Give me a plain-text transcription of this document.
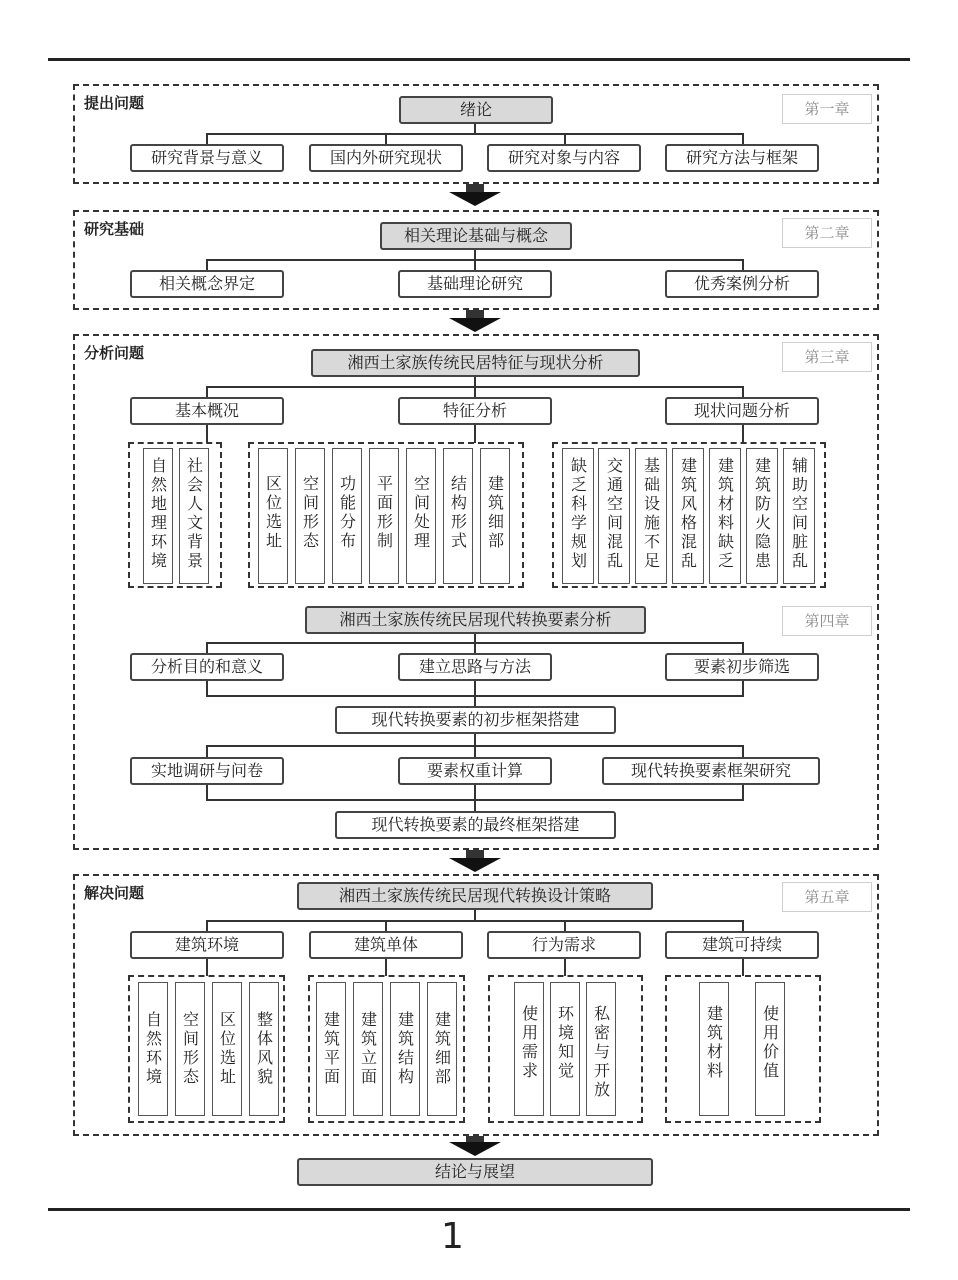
提出问题	第一章
绪论
研究背景与意义	国内外研究现状	研究对象与内容	研究方法与框架
研究基础	第二章
相关理论基础与概念
相关概念界定	基础理论研究	优秀案例分析
分析问题	第三章
湘西土家族传统民居特征与现状分析
基本概况	特征分析	现状问题分析
自然地理环境	社会人文背景	区位选址	空间形态	功能分布	平面形制	空间处理	结构形式	建筑细部	缺乏科学规划	交通空间混乱	基础设施不足	建筑风格混乱	建筑材料缺乏	建筑防火隐患	辅助空间脏乱
第四章
湘西土家族传统民居现代转换要素分析
分析目的和意义	建立思路与方法	要素初步筛选
现代转换要素的初步框架搭建
实地调研与问卷	要素权重计算	现代转换要素框架研究
现代转换要素的最终框架搭建
解决问题	第五章
湘西土家族传统民居现代转换设计策略
建筑环境	建筑单体	行为需求	建筑可持续
自然环境	空间形态	区位选址	整体风貌	建筑平面	建筑立面	建筑结构	建筑细部	使用需求	环境知觉	私密与开放	建筑材料	使用价值
结论与展望
1
